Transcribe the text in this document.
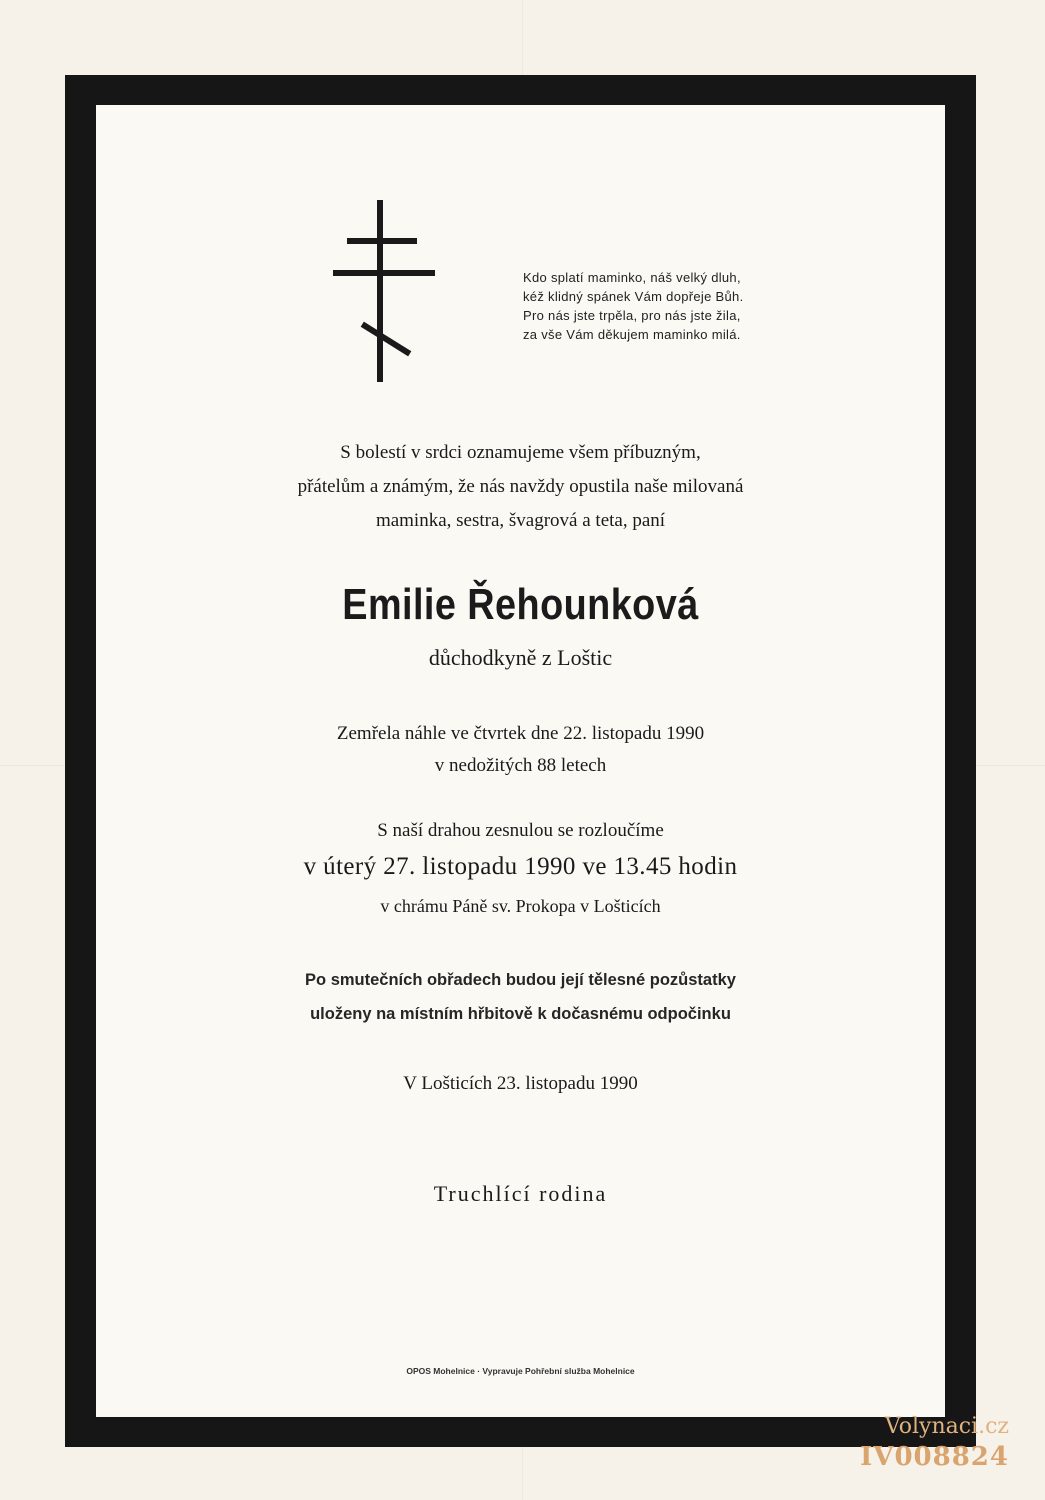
Kdo splatí maminko, náš velký dluh,
kéž klidný spánek Vám dopřeje Bůh.
Pro nás jste trpěla, pro nás jste žila,
za vše Vám děkujem maminko milá.
S bolestí v srdci oznamujeme všem příbuzným,
přátelům a známým, že nás navždy opustila naše milovaná
maminka, sestra, švagrová a teta, paní
Emilie Řehounková
důchodkyně z Loštic
Zemřela náhle ve čtvrtek dne 22. listopadu 1990
v nedožitých 88 letech
S naší drahou zesnulou se rozloučíme
v úterý 27. listopadu 1990 ve 13.45 hodin
v chrámu Páně sv. Prokopa v Lošticích
Po smutečních obřadech budou její tělesné pozůstatky
uloženy na místním hřbitově k dočasnému odpočinku
V Lošticích 23. listopadu 1990
Truchlící rodina
OPOS Mohelnice · Vypravuje Pohřební služba Mohelnice
Volynaci.cz
IV008824
